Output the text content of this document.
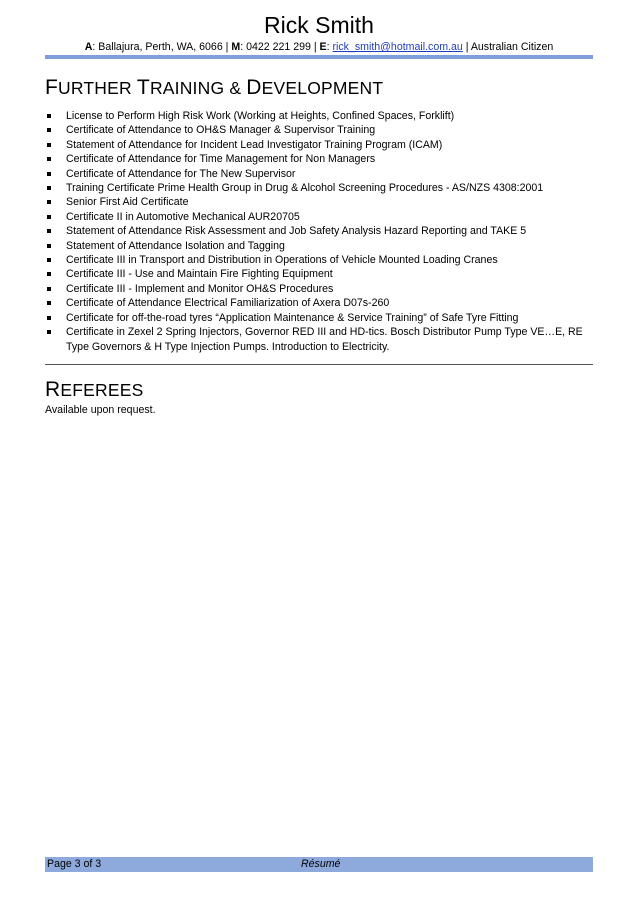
Rick Smith
A: Ballajura, Perth, WA, 6066 | M: 0422 221 299 | E: rick_smith@hotmail.com.au | Australian Citizen
FURTHER TRAINING & DEVELOPMENT
License to Perform High Risk Work (Working at Heights, Confined Spaces, Forklift)
Certificate of Attendance to OH&S Manager & Supervisor Training
Statement of Attendance for Incident Lead Investigator Training Program (ICAM)
Certificate of Attendance for Time Management for Non Managers
Certificate of Attendance for The New Supervisor
Training Certificate Prime Health Group in Drug & Alcohol Screening Procedures - AS/NZS 4308:2001
Senior First Aid Certificate
Certificate II in Automotive Mechanical AUR20705
Statement of Attendance Risk Assessment and Job Safety Analysis Hazard Reporting and TAKE 5
Statement of Attendance Isolation and Tagging
Certificate III in Transport and Distribution in Operations of Vehicle Mounted Loading Cranes
Certificate III - Use and Maintain Fire Fighting Equipment
Certificate III - Implement and Monitor OH&S Procedures
Certificate of Attendance Electrical Familiarization of Axera D07s-260
Certificate for off-the-road tyres “Application Maintenance & Service Training” of Safe Tyre Fitting
Certificate in Zexel 2 Spring Injectors, Governor RED III and HD-tics. Bosch Distributor Pump Type VE…E, RE Type Governors & H Type Injection Pumps. Introduction to Electricity.
REFEREES
Available upon request.
Page 3 of 3	Résumé
